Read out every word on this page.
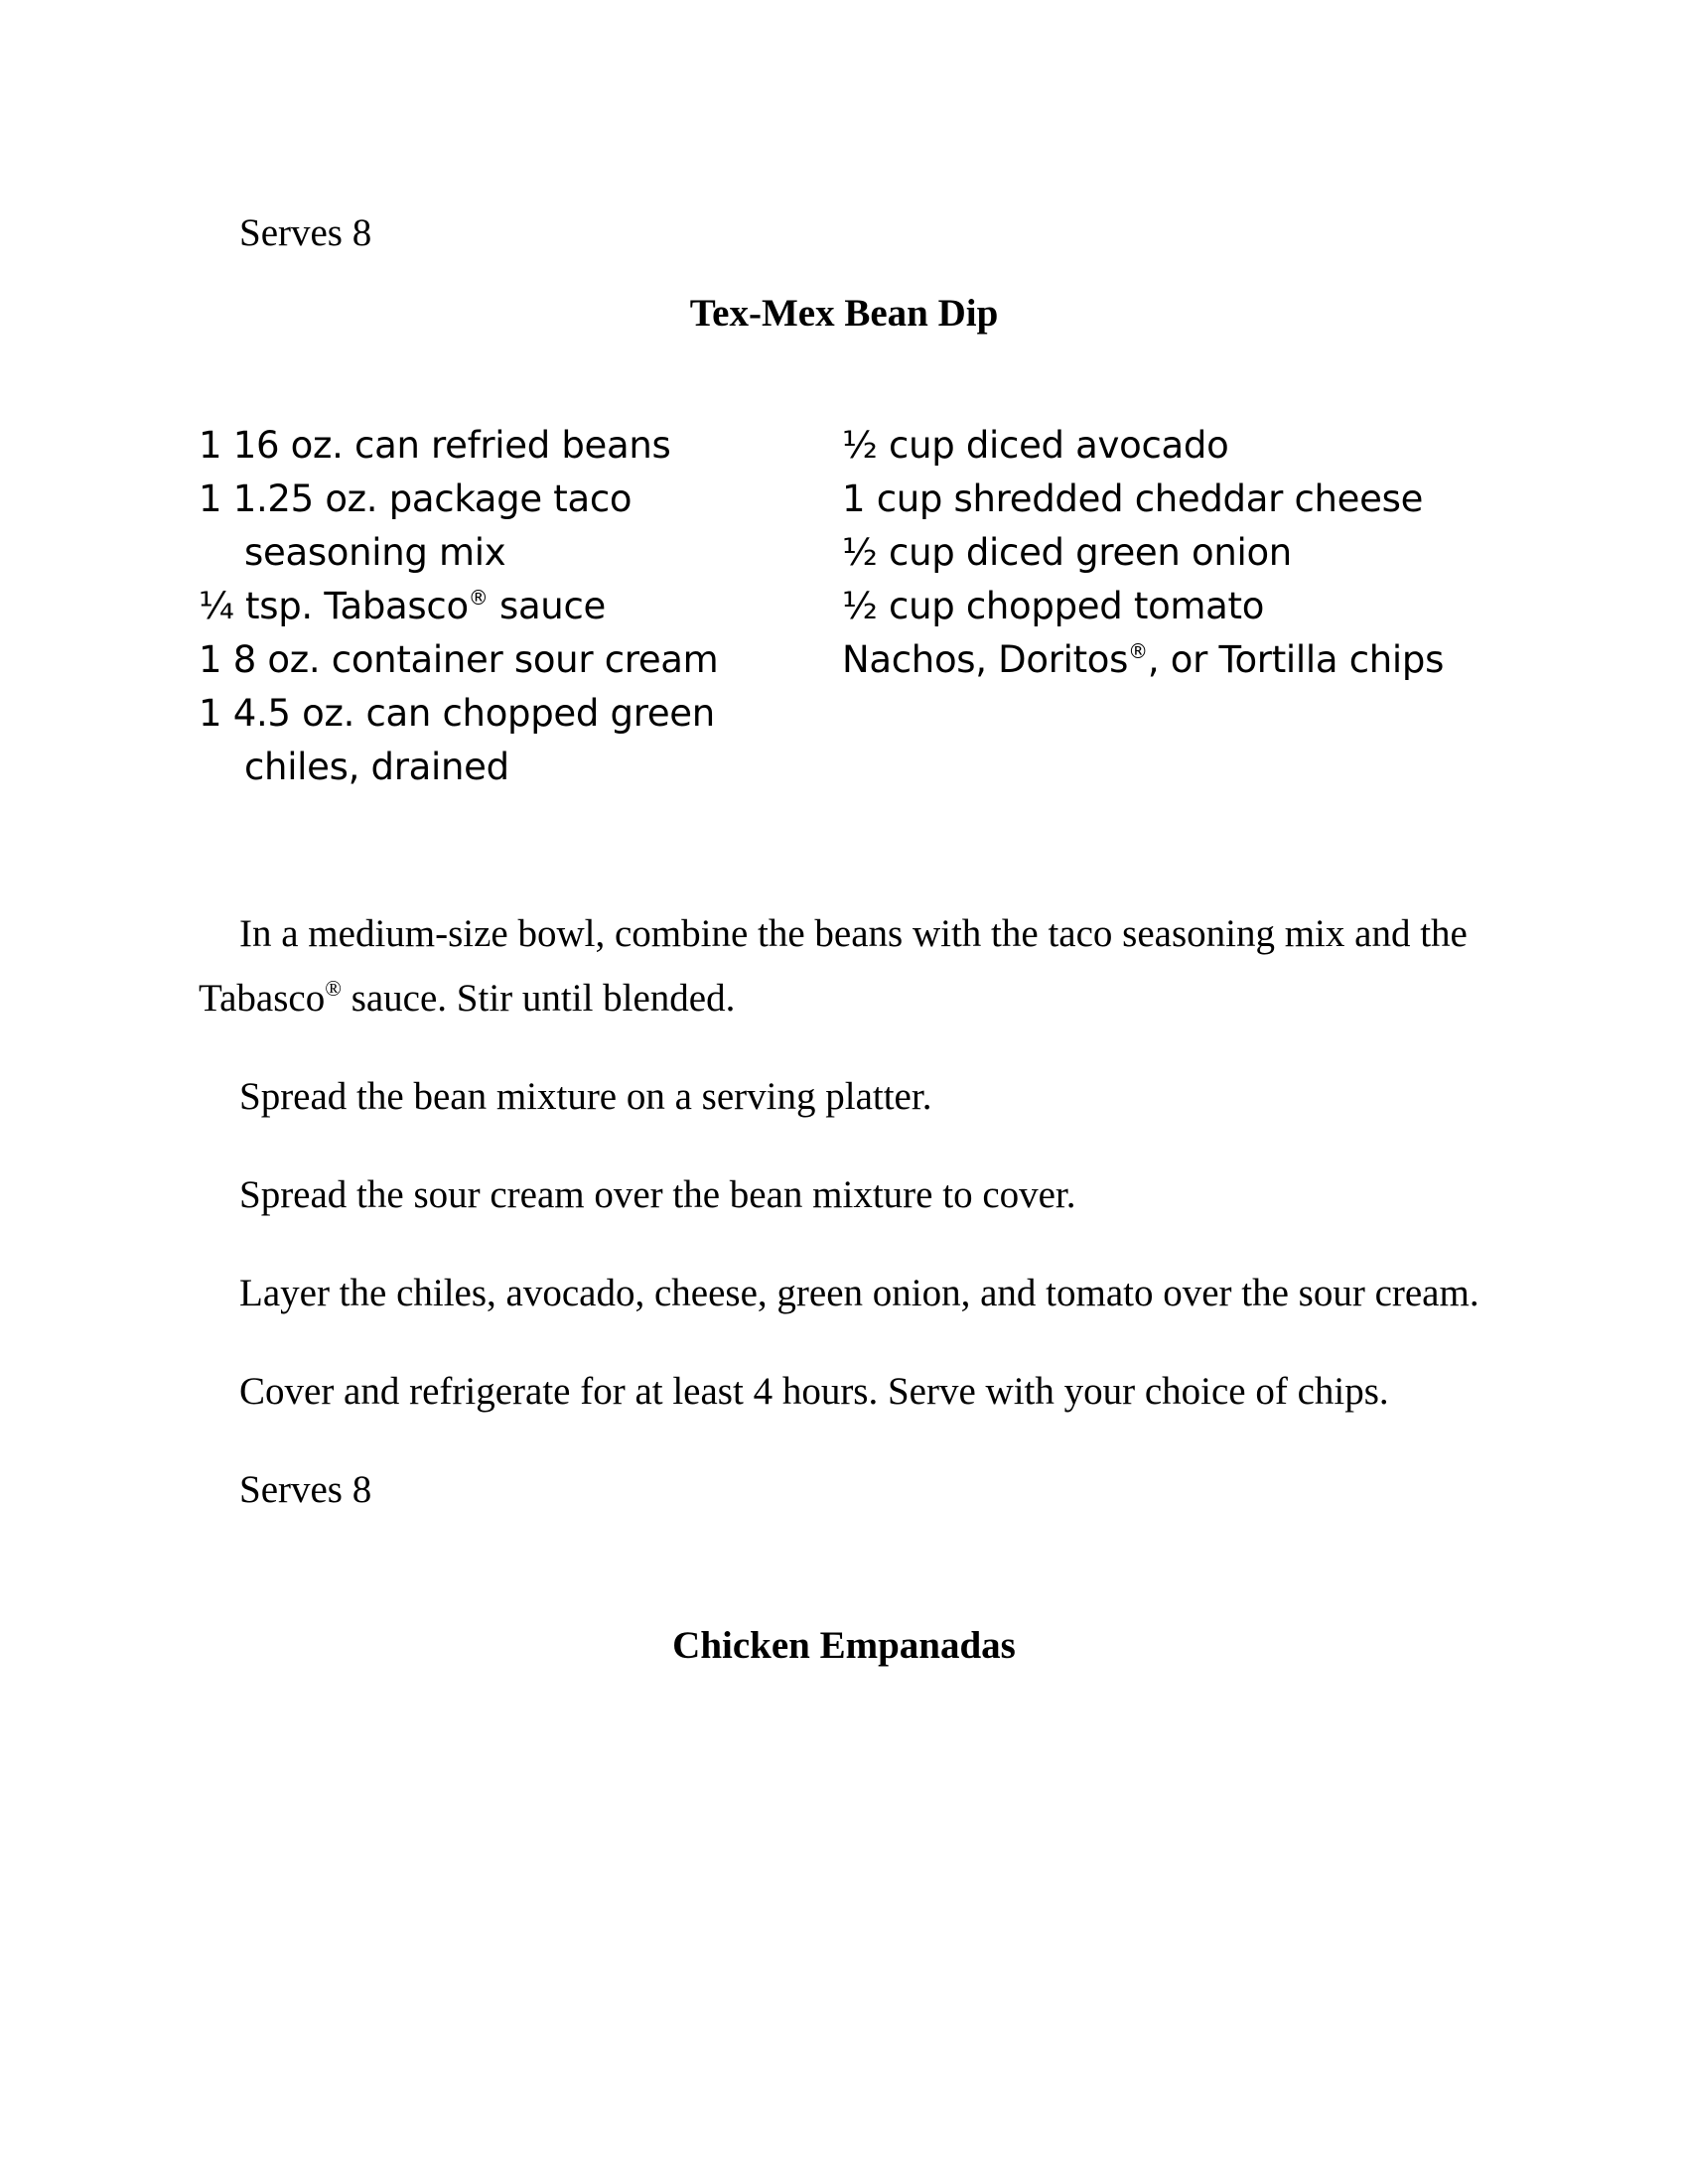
Serves 8
Tex-Mex Bean Dip

1 16 oz. can refried beans

1 1.25 oz. package taco seasoning mix

¼ tsp. Tabasco® sauce

1 8 oz. container sour cream

1 4.5 oz. can chopped green chiles, drained

½ cup diced avocado

1 cup shredded cheddar cheese

½ cup diced green onion

½ cup chopped tomato

Nachos, Doritos®, or Tortilla chips

In a medium-size bowl, combine the beans with the taco seasoning mix and the Tabasco® sauce. Stir until blended.

Spread the bean mixture on a serving platter.

Spread the sour cream over the bean mixture to cover.

Layer the chiles, avocado, cheese, green onion, and tomato over the sour cream.

Cover and refrigerate for at least 4 hours. Serve with your choice of chips.

Serves 8

Chicken Empanadas
